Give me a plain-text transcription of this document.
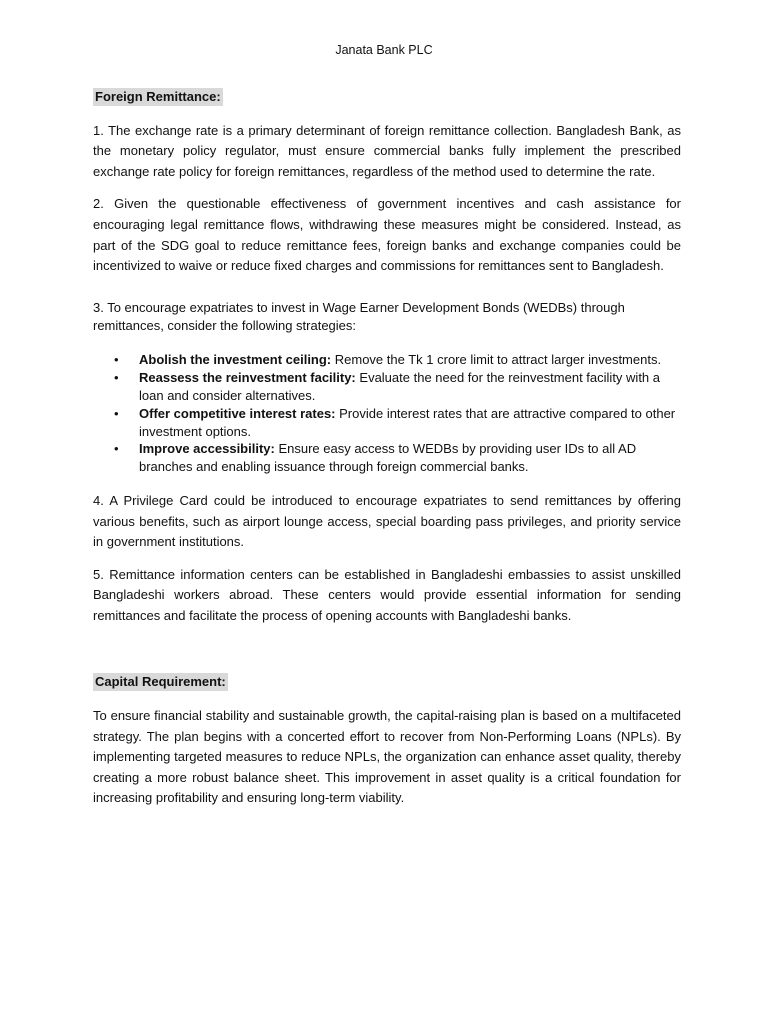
Janata Bank PLC
Foreign Remittance:

1. The exchange rate is a primary determinant of foreign remittance collection. Bangladesh Bank, as the monetary policy regulator, must ensure commercial banks fully implement the prescribed exchange rate policy for foreign remittances, regardless of the method used to determine the rate.

2. Given the questionable effectiveness of government incentives and cash assistance for encouraging legal remittance flows, withdrawing these measures might be considered. Instead, as part of the SDG goal to reduce remittance fees, foreign banks and exchange companies could be incentivized to waive or reduce fixed charges and commissions for remittances sent to Bangladesh.

3. To encourage expatriates to invest in Wage Earner Development Bonds (WEDBs) through remittances, consider the following strategies:

• Abolish the investment ceiling: Remove the Tk 1 crore limit to attract larger investments.
• Reassess the reinvestment facility: Evaluate the need for the reinvestment facility with a loan and consider alternatives.
• Offer competitive interest rates: Provide interest rates that are attractive compared to other investment options.
• Improve accessibility: Ensure easy access to WEDBs by providing user IDs to all AD branches and enabling issuance through foreign commercial banks.

4. A Privilege Card could be introduced to encourage expatriates to send remittances by offering various benefits, such as airport lounge access, special boarding pass privileges, and priority service in government institutions.

5. Remittance information centers can be established in Bangladeshi embassies to assist unskilled Bangladeshi workers abroad. These centers would provide essential information for sending remittances and facilitate the process of opening accounts with Bangladeshi banks.

Capital Requirement:

To ensure financial stability and sustainable growth, the capital-raising plan is based on a multifaceted strategy. The plan begins with a concerted effort to recover from Non-Performing Loans (NPLs). By implementing targeted measures to reduce NPLs, the organization can enhance asset quality, thereby creating a more robust balance sheet. This improvement in asset quality is a critical foundation for increasing profitability and ensuring long-term viability.
